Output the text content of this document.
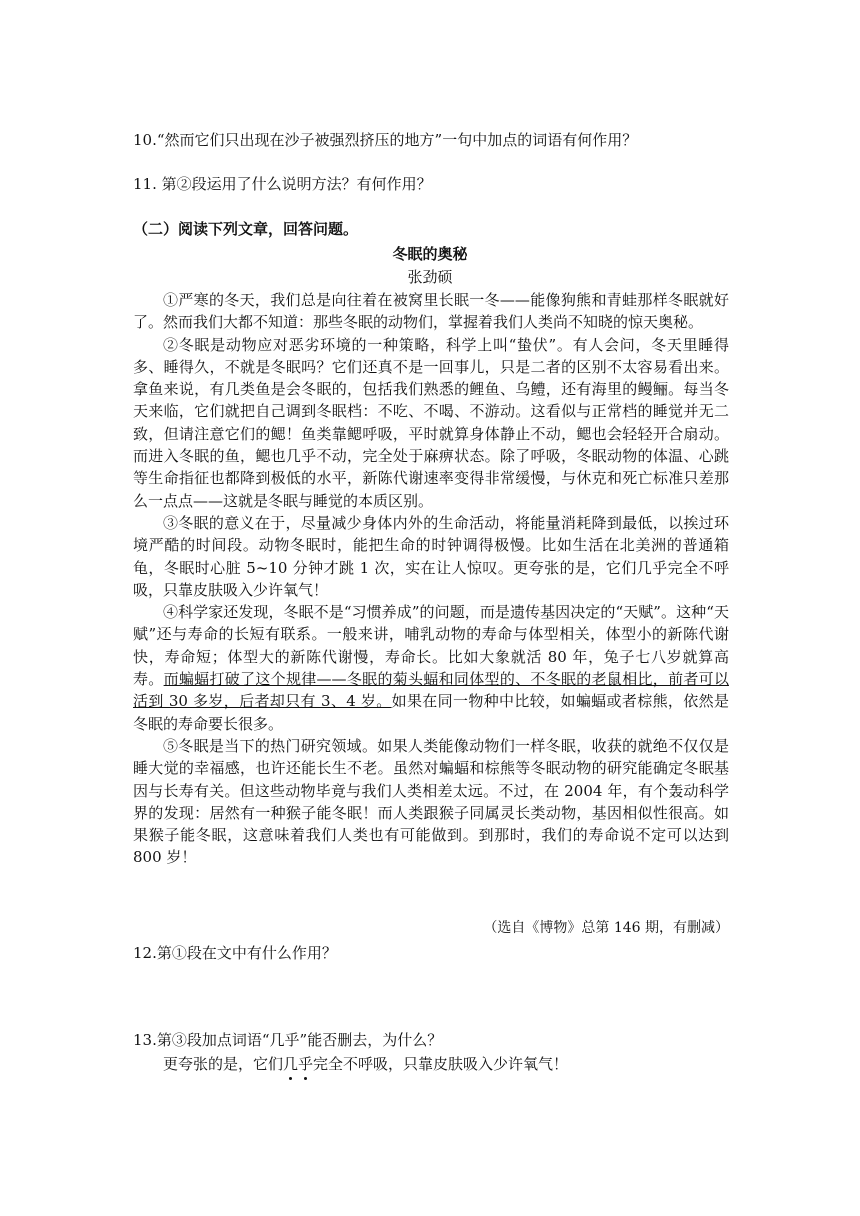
10.“然而它们只出现在沙子被强烈挤压的地方”一句中加点的词语有何作用？
11. 第②段运用了什么说明方法？有何作用？
（二）阅读下列文章，回答问题。
冬眠的奥秘
张劲硕

①严寒的冬天，我们总是向往着在被窝里长眠一冬——能像狗熊和青蛙那样冬眠就好了。然而我们大都不知道：那些冬眠的动物们，掌握着我们人类尚不知晓的惊天奥秘。

②冬眠是动物应对恶劣环境的一种策略，科学上叫“蛰伏”。有人会问，冬天里睡得多、睡得久，不就是冬眠吗？它们还真不是一回事儿，只是二者的区别不太容易看出来。拿鱼来说，有几类鱼是会冬眠的，包括我们熟悉的鲤鱼、乌鳢，还有海里的鳗鲡。每当冬天来临，它们就把自己调到冬眠档：不吃、不喝、不游动。这看似与正常档的睡觉并无二致，但请注意它们的鳃！鱼类靠鳃呼吸，平时就算身体静止不动，鳃也会轻轻开合扇动。而进入冬眠的鱼，鳃也几乎不动，完全处于麻痹状态。除了呼吸，冬眠动物的体温、心跳等生命指征也都降到极低的水平，新陈代谢速率变得非常缓慢，与休克和死亡标准只差那么一点点——这就是冬眠与睡觉的本质区别。

③冬眠的意义在于，尽量减少身体内外的生命活动，将能量消耗降到最低，以挨过环境严酷的时间段。动物冬眠时，能把生命的时钟调得极慢。比如生活在北美洲的普通箱龟，冬眠时心脏 5~10 分钟才跳 1 次，实在让人惊叹。更夸张的是，它们几乎完全不呼吸，只靠皮肤吸入少许氧气！

④科学家还发现，冬眠不是“习惯养成”的问题，而是遗传基因决定的“天赋”。这种“天赋”还与寿命的长短有联系。一般来讲，哺乳动物的寿命与体型相关，体型小的新陈代谢快，寿命短；体型大的新陈代谢慢，寿命长。比如大象就活 80 年，兔子七八岁就算高寿。而蝙蝠打破了这个规律——冬眠的菊头蝠和同体型的、不冬眠的老鼠相比，前者可以活到 30 多岁，后者却只有 3、4 岁。如果在同一物种中比较，如蝙蝠或者棕熊，依然是冬眠的寿命要长很多。

⑤冬眠是当下的热门研究领域。如果人类能像动物们一样冬眠，收获的就绝不仅仅是睡大觉的幸福感，也许还能长生不老。虽然对蝙蝠和棕熊等冬眠动物的研究能确定冬眠基因与长寿有关。但这些动物毕竟与我们人类相差太远。不过，在 2004 年，有个轰动科学界的发现：居然有一种猴子能冬眠！而人类跟猴子同属灵长类动物，基因相似性很高。如果猴子能冬眠，这意味着我们人类也有可能做到。到那时，我们的寿命说不定可以达到 800 岁！

（选自《博物》总第 146 期，有删减）
12.第①段在文中有什么作用？
13.第③段加点词语“几乎”能否删去，为什么？
更夸张的是，它们几乎完全不呼吸，只靠皮肤吸入少许氧气！
